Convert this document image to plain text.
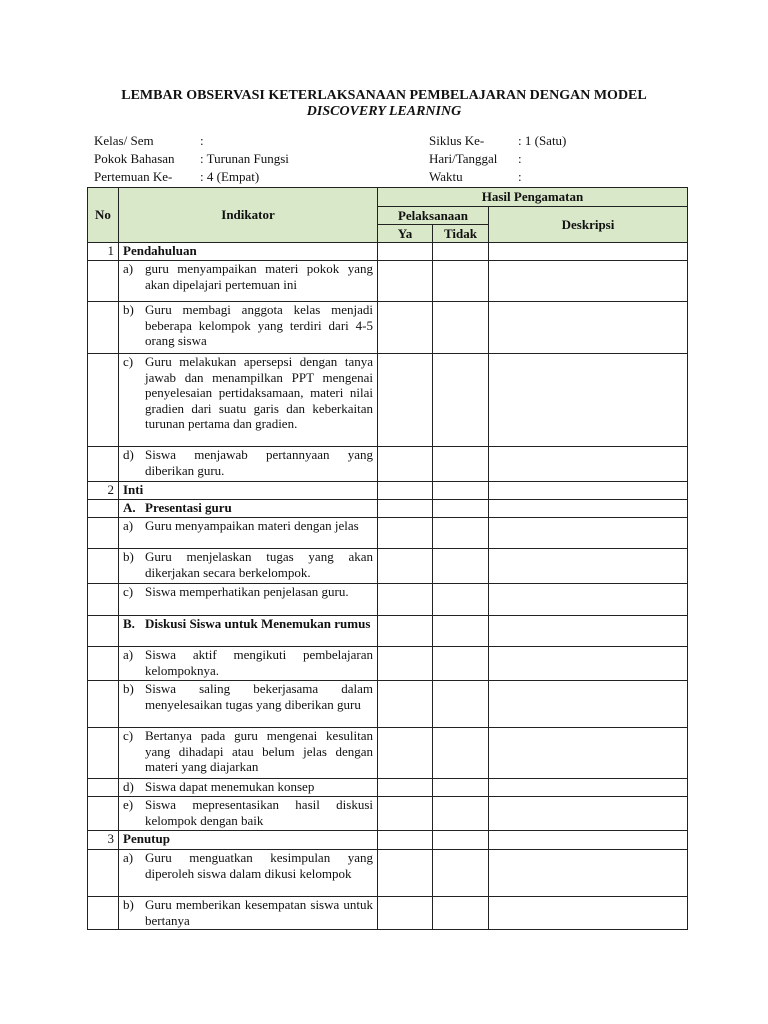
LEMBAR OBSERVASI KETERLAKSANAAN PEMBELAJARAN DENGAN MODEL
DISCOVERY LEARNING
Kelas/ Sem	:
Pokok Bahasan : Turunan Fungsi
Pertemuan Ke- : 4 (Empat)
Siklus Ke-	: 1 (Satu)
Hari/Tanggal :
Waktu	:
No	Indikator	Hasil Pengamatan		
		Pelaksanaan		Deskripsi
		Ya	Tidak	
1	Pendahuluan			

	a) guru menyampaikan materi pokok yang akan dipelajari pertemuan ini			

	b) Guru membagi anggota kelas menjadi beberapa kelompok yang terdiri dari 4-5 orang siswa			

	c) Guru melakukan apersepsi dengan tanya jawab dan menampilkan PPT mengenai penyelesaian pertidaksamaan, materi nilai gradien dari suatu garis dan keberkaitan turunan pertama dan gradien.			

	d) Siswa menjawab pertannyaan yang diberikan guru.			

2	Inti			

	A. Presentasi guru			

	a) Guru menyampaikan materi dengan jelas			

	b) Guru menjelaskan tugas yang akan dikerjakan secara berkelompok.			

	c) Siswa memperhatikan penjelasan guru.			

	B. Diskusi Siswa untuk Menemukan rumus			

	a) Siswa aktif mengikuti pembelajaran kelompoknya.			

	b) Siswa saling bekerjasama dalam menyelesaikan tugas yang diberikan guru			

	c) Bertanya pada guru mengenai kesulitan yang dihadapi atau belum jelas dengan materi yang diajarkan			

	d) Siswa dapat menemukan konsep			

	e) Siswa mepresentasikan hasil diskusi kelompok dengan baik			

3	Penutup			

	a) Guru menguatkan kesimpulan yang diperoleh siswa dalam dikusi kelompok			

	b) Guru memberikan kesempatan siswa untuk bertanya			
